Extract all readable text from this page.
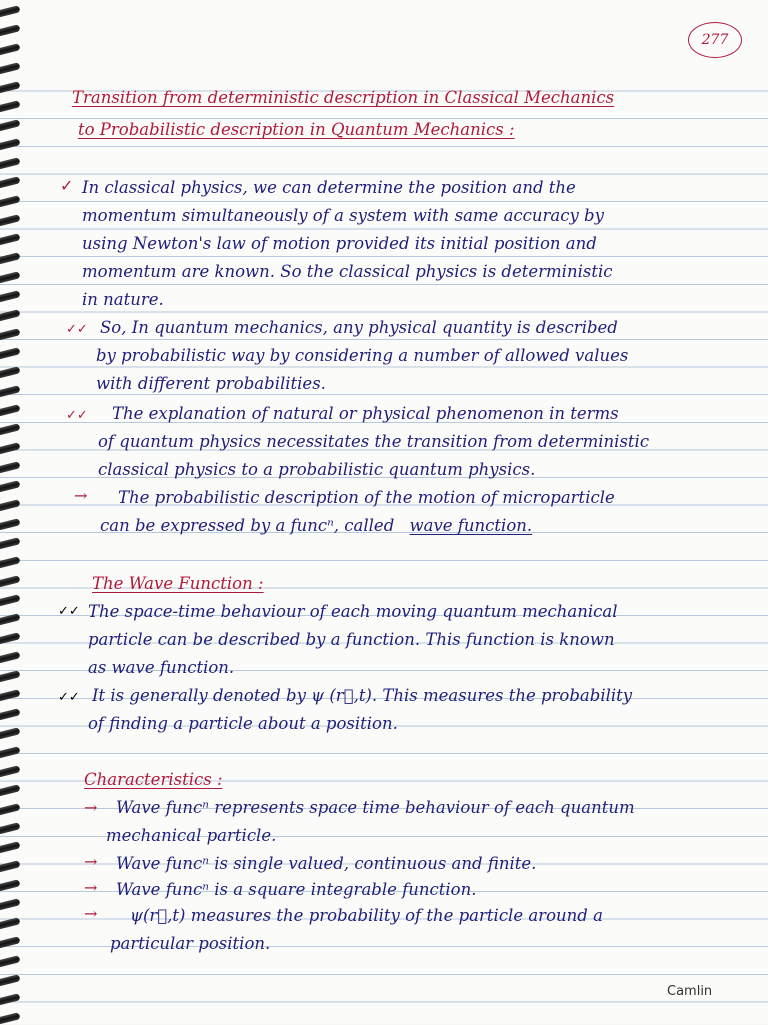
277
Transition from deterministic description in Classical Mechanics
to Probabilistic description in Quantum Mechanics :
✓ In classical physics, we can determine the position and the
momentum simultaneously of a system with same accuracy by
using Newton's law of motion provided its initial position and
momentum are known. So the classical physics is deterministic
in nature.
✓✓ So, In quantum mechanics, any physical quantity is described
by probabilistic way by considering a number of allowed values
with different probabilities.
✓✓ The explanation of natural or physical phenomenon in terms
of quantum physics necessitates the transition from deterministic
classical physics to a probabilistic quantum physics.
→ The probabilistic description of the motion of microparticle
can be expressed by a funcⁿ, called wave function.
The Wave Function :
✓✓ The space-time behaviour of each moving quantum mechanical
particle can be described by a function. This function is known
as wave function.
✓✓ It is generally denoted by ψ (r⃗,t). This measures the probability
of finding a particle about a position.
Characteristics :
→ Wave funcⁿ represents space time behaviour of each quantum
mechanical particle.
→ Wave funcⁿ is single valued, continuous and finite.
→ Wave funcⁿ is a square integrable function.
→ ψ(r⃗,t) measures the probability of the particle around a
particular position.
Camlin
